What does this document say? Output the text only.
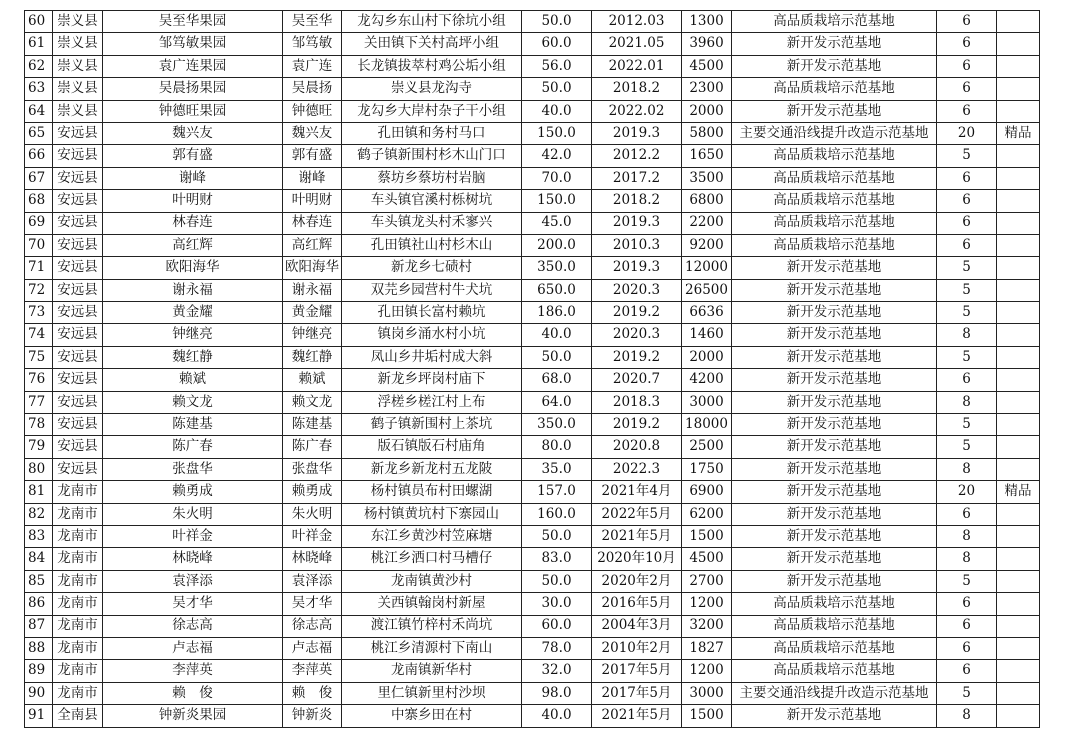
60	崇义县	吴至华果园	吴至华	龙勾乡东山村下徐坑小组	50.0	2012.03	1300	高品质栽培示范基地	6	
61	崇义县	邹笃敏果园	邹笃敏	关田镇下关村高坪小组	60.0	2021.05	3960	新开发示范基地	6	
62	崇义县	袁广连果园	袁广连	长龙镇拔萃村鸡公垢小组	56.0	2022.01	4500	新开发示范基地	6	
63	崇义县	吴晨扬果园	吴晨扬	崇义县龙沟寺	50.0	2018.2	2300	高品质栽培示范基地	6	
64	崇义县	钟德旺果园	钟德旺	龙勾乡大岸村杂子干小组	40.0	2022.02	2000	新开发示范基地	6	
65	安远县	魏兴友	魏兴友	孔田镇和务村马口	150.0	2019.3	5800	主要交通沿线提升改造示范基地	20	精品
66	安远县	郭有盛	郭有盛	鹤子镇新围村杉木山门口	42.0	2012.2	1650	高品质栽培示范基地	5	
67	安远县	谢峰	谢峰	蔡坊乡蔡坊村岩脑	70.0	2017.2	3500	高品质栽培示范基地	6	
68	安远县	叶明财	叶明财	车头镇官溪村栎树坑	150.0	2018.2	6800	高品质栽培示范基地	6	
69	安远县	林春连	林春连	车头镇龙头村禾寥兴	45.0	2019.3	2200	高品质栽培示范基地	6	
70	安远县	高红辉	高红辉	孔田镇社山村杉木山	200.0	2010.3	9200	高品质栽培示范基地	6	
71	安远县	欧阳海华	欧阳海华	新龙乡七碛村	350.0	2019.3	12000	新开发示范基地	5	
72	安远县	谢永福	谢永福	双芫乡园营村牛犬坑	650.0	2020.3	26500	新开发示范基地	5	
73	安远县	黄金耀	黄金耀	孔田镇长富村赖坑	186.0	2019.2	6636	新开发示范基地	5	
74	安远县	钟继亮	钟继亮	镇岗乡涌水村小坑	40.0	2020.3	1460	新开发示范基地	8	
75	安远县	魏红静	魏红静	凤山乡井垢村成大斜	50.0	2019.2	2000	新开发示范基地	5	
76	安远县	赖斌	赖斌	新龙乡坪岗村庙下	68.0	2020.7	4200	新开发示范基地	6	
77	安远县	赖文龙	赖文龙	浮槎乡槎江村上布	64.0	2018.3	3000	新开发示范基地	8	
78	安远县	陈建基	陈建基	鹤子镇新围村上茶坑	350.0	2019.2	18000	新开发示范基地	5	
79	安远县	陈广春	陈广春	版石镇版石村庙角	80.0	2020.8	2500	新开发示范基地	5	
80	安远县	张盘华	张盘华	新龙乡新龙村五龙陂	35.0	2022.3	1750	新开发示范基地	8	
81	龙南市	赖勇成	赖勇成	杨村镇员布村田螺湖	157.0	2021年4月	6900	新开发示范基地	20	精品
82	龙南市	朱火明	朱火明	杨村镇黄坑村下寨园山	160.0	2022年5月	6200	新开发示范基地	6	
83	龙南市	叶祥金	叶祥金	东江乡黄沙村笠麻塘	50.0	2021年5月	1500	新开发示范基地	8	
84	龙南市	林晓峰	林晓峰	桃江乡洒口村马槽仔	83.0	2020年10月	4500	新开发示范基地	8	
85	龙南市	袁泽添	袁泽添	龙南镇黄沙村	50.0	2020年2月	2700	新开发示范基地	5	
86	龙南市	吴才华	吴才华	关西镇翰岗村新屋	30.0	2016年5月	1200	高品质栽培示范基地	6	
87	龙南市	徐志高	徐志高	渡江镇竹梓村禾尚坑	60.0	2004年3月	3200	高品质栽培示范基地	6	
88	龙南市	卢志福	卢志福	桃江乡清源村下南山	78.0	2010年2月	1827	高品质栽培示范基地	6	
89	龙南市	李萍英	李萍英	龙南镇新华村	32.0	2017年5月	1200	高品质栽培示范基地	6	
90	龙南市	赖　俊	赖　俊	里仁镇新里村沙坝	98.0	2017年5月	3000	主要交通沿线提升改造示范基地	5	
91	全南县	钟新炎果园	钟新炎	中寨乡田在村	40.0	2021年5月	1500	新开发示范基地	8	
